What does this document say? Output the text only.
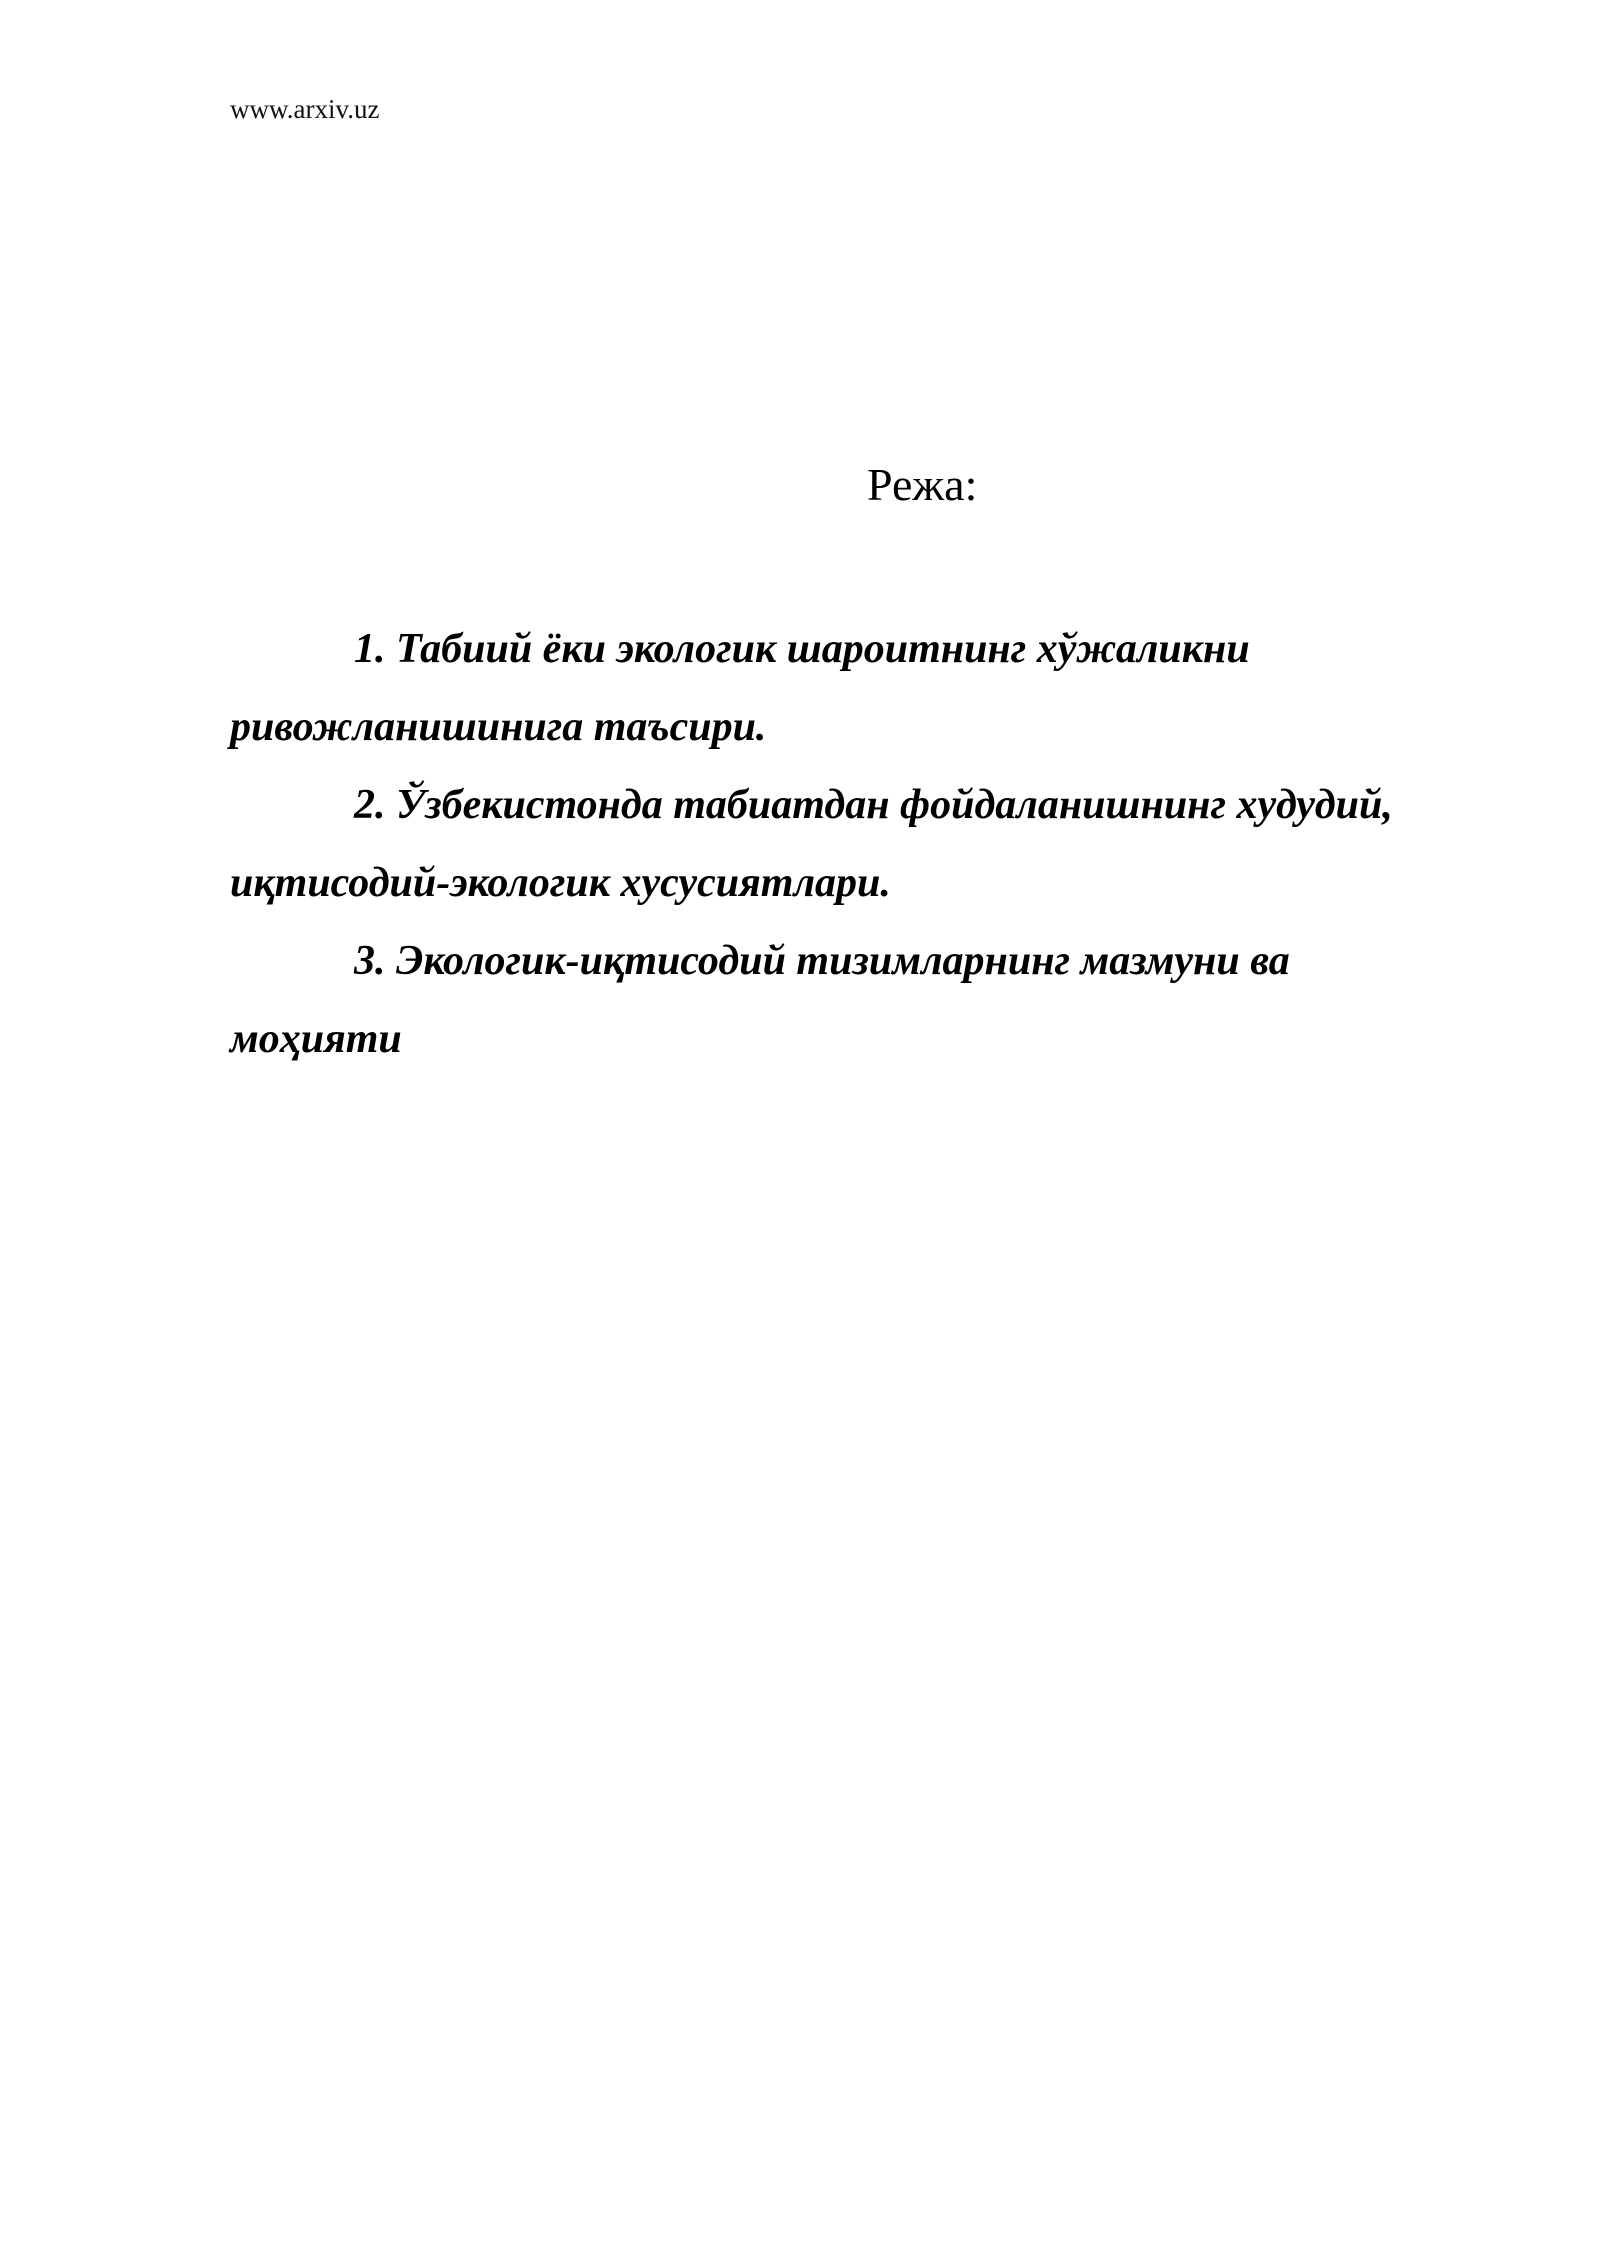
www.arxiv.uz
Режа:

1. Табиий ёки экологик шароитнинг хўжаликни ривожланишинига таъсири.

2. Ўзбекистонда табиатдан фойдаланишнинг худудий, иқтисодий-экологик хусусиятлари.

3. Экологик-иқтисодий тизимларнинг мазмуни ва моҳияти
